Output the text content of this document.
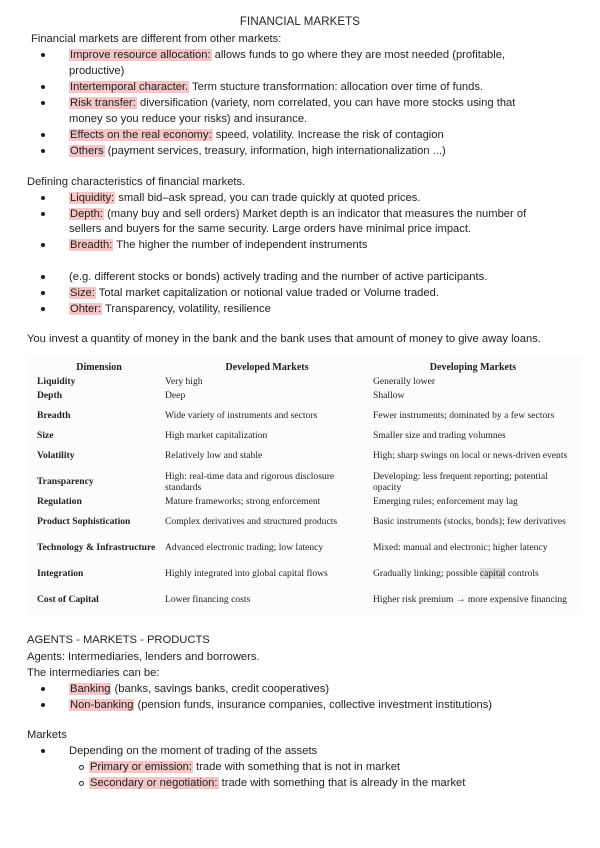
FINANCIAL MARKETS
Financial markets are different from other markets:
Improve resource allocation: allows funds to go where they are most needed (profitable,
productive)
Intertemporal character. Term stucture transformation: allocation over time of funds.
Risk transfer: diversification (variety, nom correlated, you can have more stocks using that
money so you reduce your risks) and insurance.
Effects on the real economy: speed, volatility. Increase the risk of contagion
Others (payment services, treasury, information, high internationalization ...)
Defining characteristics of financial markets.
Liquidity: small bid–ask spread, you can trade quickly at quoted prices.
Depth: (many buy and sell orders) Market depth is an indicator that measures the number of
sellers and buyers for the same security. Large orders have minimal price impact.
Breadth: The higher the number of independent instruments
(e.g. different stocks or bonds) actively trading and the number of active participants.
Size: Total market capitalization or notional value traded or Volume traded.
Ohter: Transparency, volatility, resilience
You invest a quantity of money in the bank and the bank uses that amount of money to give away loans.
Dimension	Developed Markets	Developing Markets
Liquidity	Very high	Generally lower
Depth	Deep	Shallow
Breadth	Wide variety of instruments and sectors	Fewer instruments; dominated by a few sectors
Size	High market capitalization	Smaller size and trading volumnes
Volatility	Relatively low and stable	High; sharp swings on local or news-driven events
Transparency	High: real-time data and rigorous disclosure standards	Developing: less frequent reporting; potential opacity
Regulation	Mature frameworks; strong enforcement	Emerging rules; enforcement may lag
Product Sophistication	Complex derivatives and structured products	Basic instruments (stocks, bonds); few derivatives
Technology & Infrastructure	Advanced electronic trading; low latency	Mixed: manual and electronic; higher latency
Integration	Highly integrated into global capital flows	Gradually linking; possible capital controls
Cost of Capital	Lower financing costs	Higher risk premium → more expensive financing
AGENTS - MARKETS - PRODUCTS
Agents: Intermediaries, lenders and borrowers.
The intermediaries can be:
Banking (banks, savings banks, credit cooperatives)
Non-banking (pension funds, insurance companies, collective investment institutions)
Markets
Depending on the moment of trading of the assets
Primary or emission: trade with something that is not in market
Secondary or negotiation: trade with something that is already in the market
